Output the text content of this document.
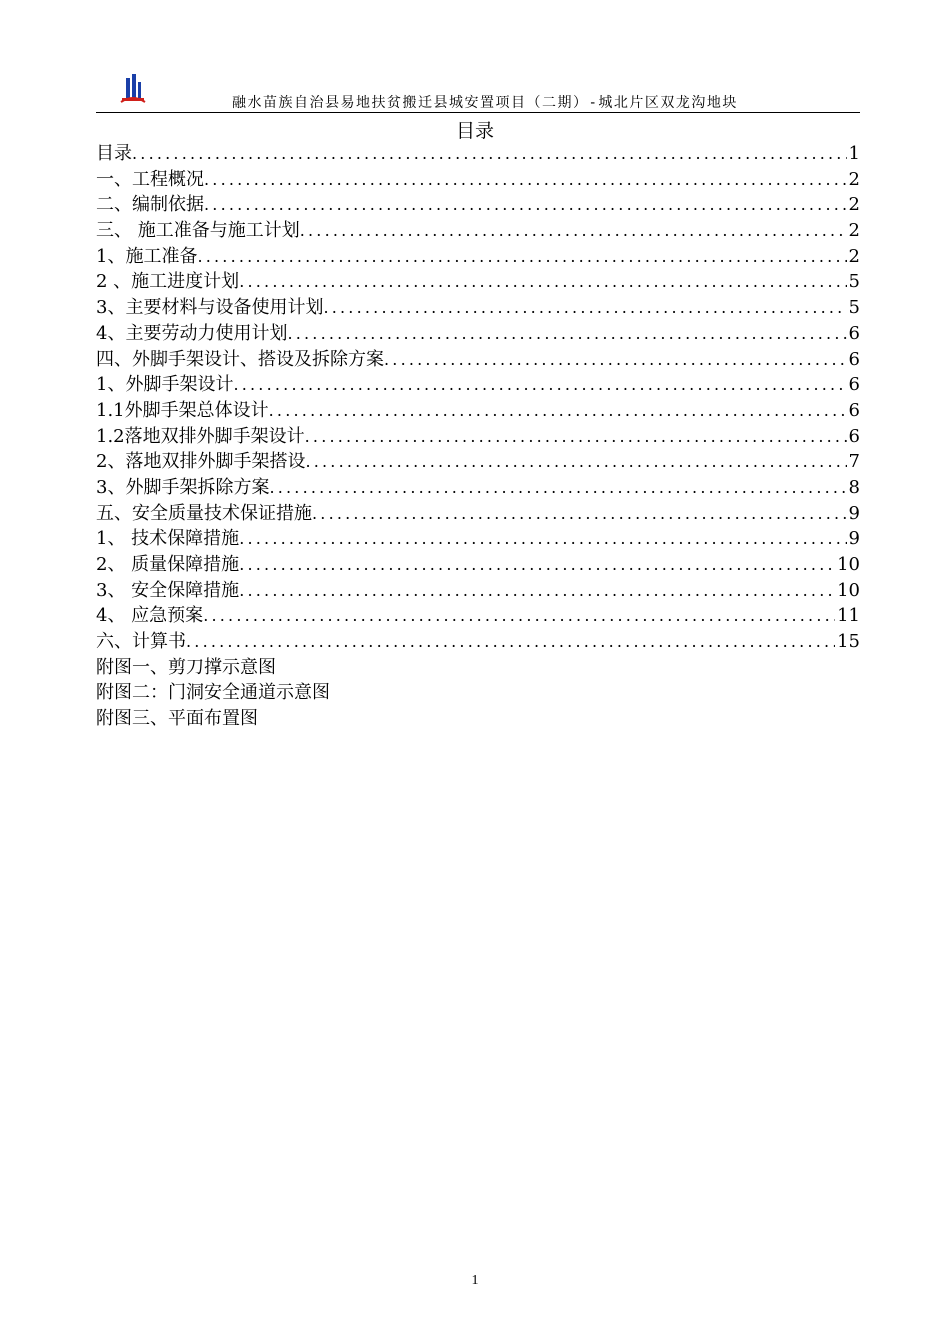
融水苗族自治县易地扶贫搬迁县城安置项目（二期）-城北片区双龙沟地块
目录
目录 .....	1
一、工程概况 .....	2
二、编制依据 .....	2
三、 施工准备与施工计划 .....	2
1、施工准备 .....	2
2 、施工进度计划 .....	5
3、主要材料与设备使用计划 .....	5
4、主要劳动力使用计划 .....	6
四、外脚手架设计、搭设及拆除方案 .....	6
1、外脚手架设计 .....	6
1.1外脚手架总体设计 .....	6
1.2落地双排外脚手架设计 .....	6
2、落地双排外脚手架搭设 .....	7
3、外脚手架拆除方案 .....	8
五、安全质量技术保证措施 .....	9
1、 技术保障措施 .....	9
2、 质量保障措施 .....	10
3、 安全保障措施 .....	10
4、 应急预案 .....	11
六、计算书 .....	15
附图一、剪刀撑示意图
附图二：门洞安全通道示意图
附图三、平面布置图
1
